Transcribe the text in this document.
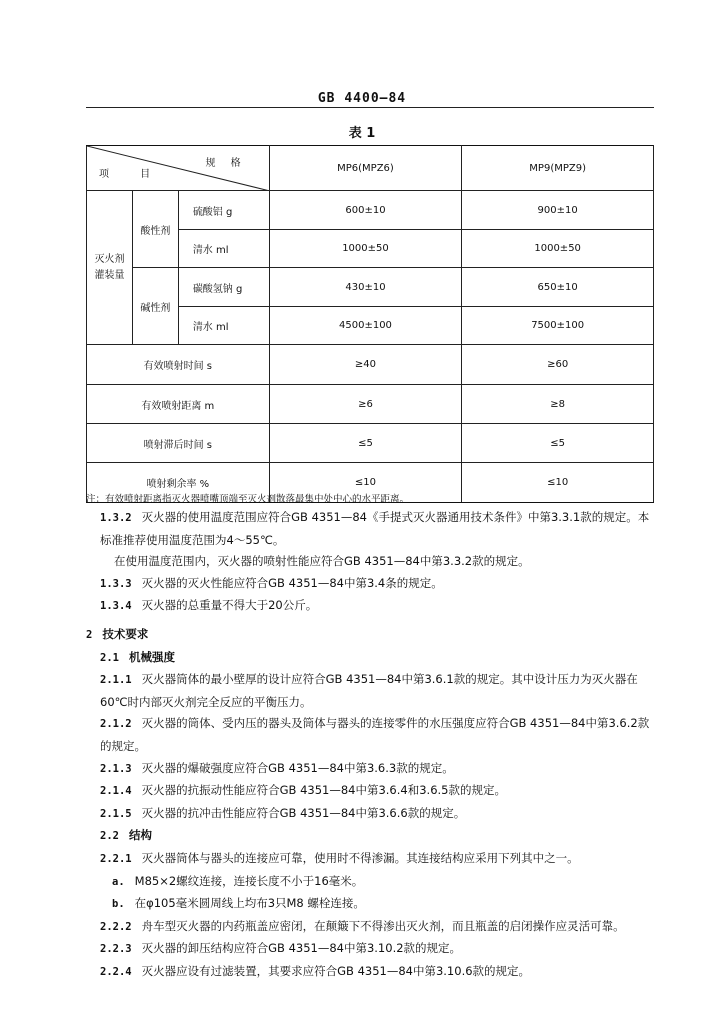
GB 4400—84
表 1
规 格
项 目			MP6(MPZ6)	MP9(MPZ9)

灭火剂
灌装量	酸性剂	硫酸铝 g	600±10	900±10
		清水 ml	1000±50	1000±50
	碱性剂	碳酸氢钠 g	430±10	650±10
		清水 ml	4500±100	7500±100
有效喷射时间 s			≥40	≥60
有效喷射距离 m			≥6	≥8
喷射滞后时间 s			≤5	≤5
喷射剩余率 %			≤10	≤10
注：有效喷射距离指灭火器喷嘴顶端至灭火剂散落最集中处中心的水平距离。

1.3.2 灭火器的使用温度范围应符合GB 4351—84《手提式灭火器通用技术条件》中第3.3.1款的规定。本标准推荐使用温度范围为4～55℃。

在使用温度范围内，灭火器的喷射性能应符合GB 4351—84中第3.3.2款的规定。

1.3.3 灭火器的灭火性能应符合GB 4351—84中第3.4条的规定。

1.3.4 灭火器的总重量不得大于20公斤。

2 技术要求

2.1 机械强度

2.1.1 灭火器筒体的最小壁厚的设计应符合GB 4351—84中第3.6.1款的规定。其中设计压力为灭火器在60℃时内部灭火剂完全反应的平衡压力。

2.1.2 灭火器的筒体、受内压的器头及筒体与器头的连接零件的水压强度应符合GB 4351—84中第3.6.2款的规定。

2.1.3 灭火器的爆破强度应符合GB 4351—84中第3.6.3款的规定。

2.1.4 灭火器的抗振动性能应符合GB 4351—84中第3.6.4和3.6.5款的规定。

2.1.5 灭火器的抗冲击性能应符合GB 4351—84中第3.6.6款的规定。

2.2 结构

2.2.1 灭火器筒体与器头的连接应可靠，使用时不得渗漏。其连接结构应采用下列其中之一。

a. M85×2螺纹连接，连接长度不小于16毫米。

b. 在φ105毫米圆周线上均布3只M8 螺栓连接。

2.2.2 舟车型灭火器的内药瓶盖应密闭，在颠簸下不得渗出灭火剂，而且瓶盖的启闭操作应灵活可靠。

2.2.3 灭火器的卸压结构应符合GB 4351—84中第3.10.2款的规定。

2.2.4 灭火器应设有过滤装置，其要求应符合GB 4351—84中第3.10.6款的规定。
